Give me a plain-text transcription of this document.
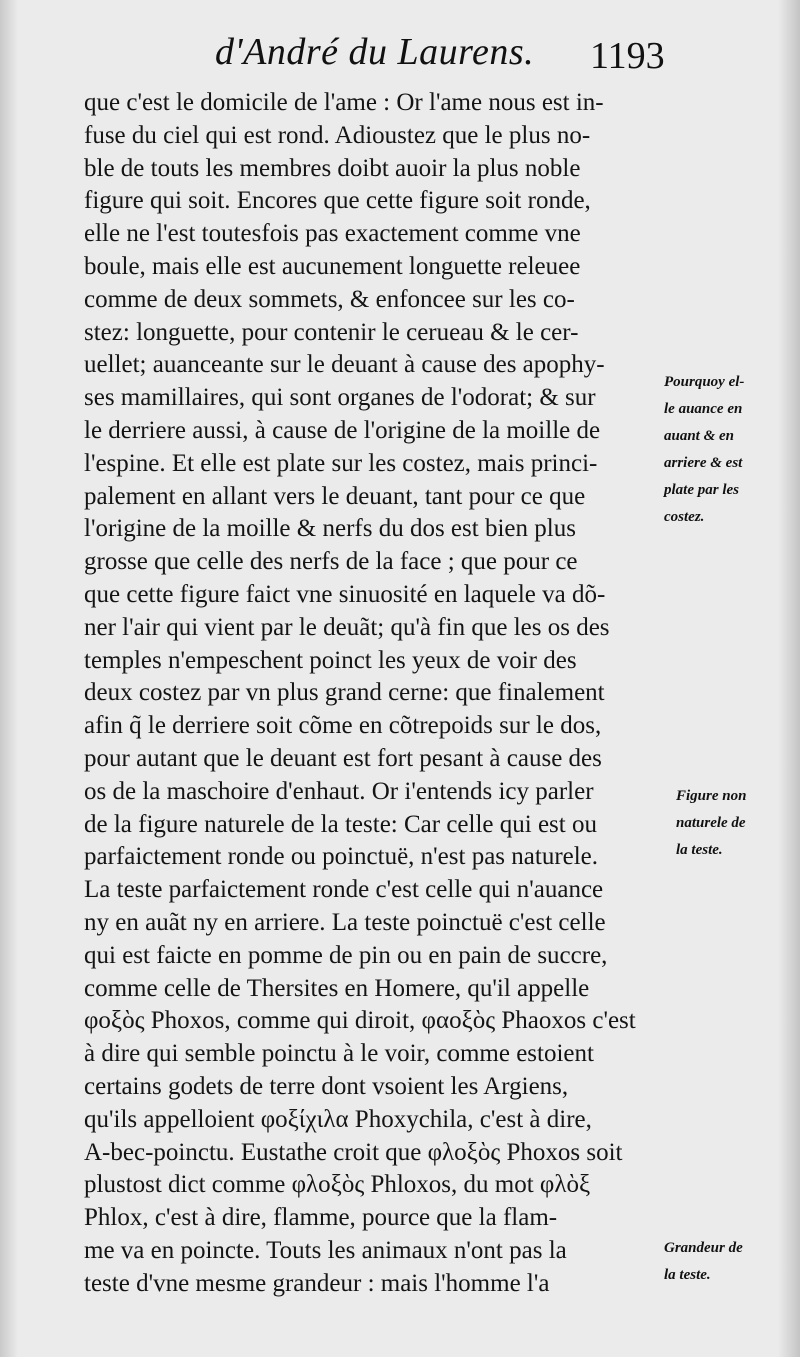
d'André du Laurens. 1193
que c'est le domicile de l'ame : Or l'ame nous est in-
fuse du ciel qui est rond. Adioustez que le plus no-
ble de touts les membres doibt auoir la plus noble
figure qui soit. Encores que cette figure soit ronde,
elle ne l'est toutesfois pas exactement comme vne
boule, mais elle est aucunement longuette releuee
comme de deux sommets, & enfoncee sur les co-
stez: longuette, pour contenir le cerueau & le cer-
uellet; auanceante sur le deuant à cause des apophy-
ses mamillaires, qui sont organes de l'odorat; & sur
le derriere aussi, à cause de l'origine de la moille de
l'espine. Et elle est plate sur les costez, mais princi-
palement en allant vers le deuant, tant pour ce que
l'origine de la moille & nerfs du dos est bien plus
grosse que celle des nerfs de la face ; que pour ce
que cette figure faict vne sinuosité en laquele va dõ-
ner l'air qui vient par le deuãt; qu'à fin que les os des
temples n'empeschent poinct les yeux de voir des
deux costez par vn plus grand cerne: que finalement
afin q̃ le derriere soit cõme en cõtrepoids sur le dos,
pour autant que le deuant est fort pesant à cause des
os de la maschoire d'enhaut. Or i'entends icy parler
de la figure naturele de la teste: Car celle qui est ou
parfaictement ronde ou poinctuë, n'est pas naturele.
La teste parfaictement ronde c'est celle qui n'auance
ny en auãt ny en arriere. La teste poinctuë c'est celle
qui est faicte en pomme de pin ou en pain de succre,
comme celle de Thersites en Homere, qu'il appelle
φοξὸς Phoxos, comme qui diroit, φαοξὸς Phaoxos c'est
à dire qui semble poinctu à le voir, comme estoient
certains godets de terre dont vsoient les Argiens,
qu'ils appelloient φοξίχιλα Phoxychila, c'est à dire,
A-bec-poinctu. Eustathe croit que φλοξὸς Phoxos soit
plustost dict comme φλοξὸς Phloxos, du mot φλὸξ
Phlox, c'est à dire, flamme, pource que la flam-
me va en poincte. Touts les animaux n'ont pas la
teste d'vne mesme grandeur : mais l'homme l'a
Pourquoy el-
le auance en
auant & en
arriere & est
plate par les
costez.
Figure non
naturele de
la teste.
Grandeur de
la teste.
